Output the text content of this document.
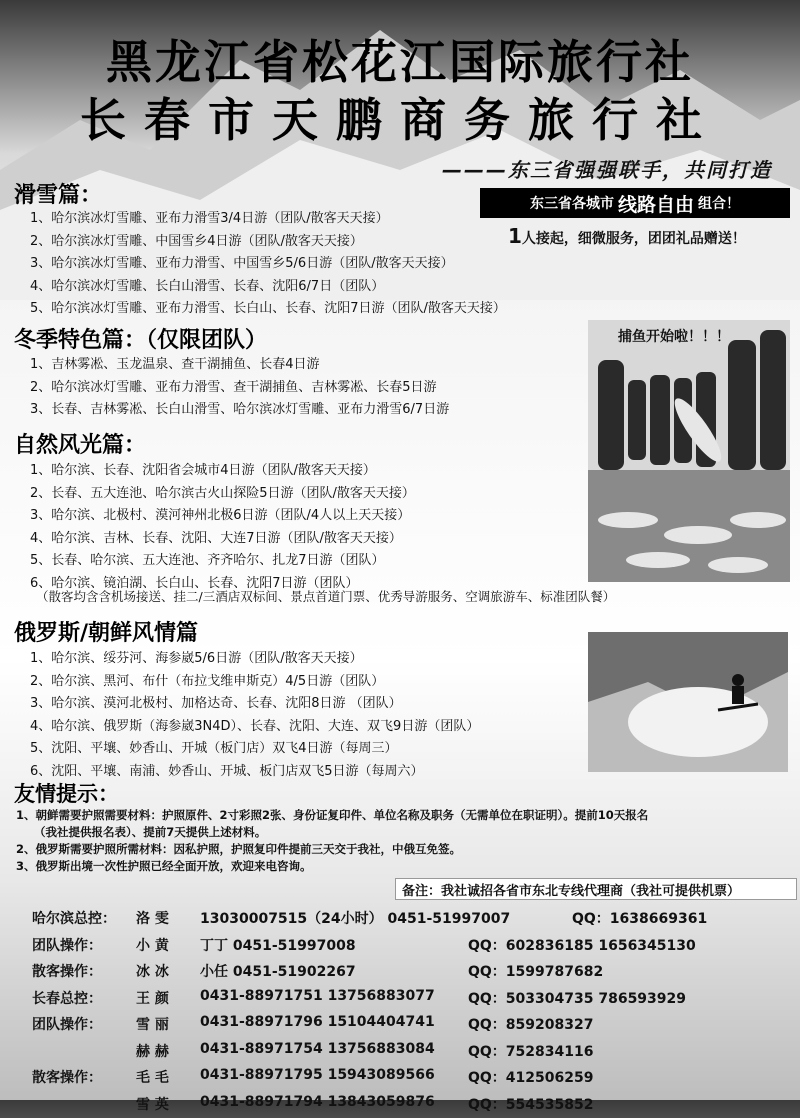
黑龙江省松花江国际旅行社
长春市天鹏商务旅行社
———东三省强强联手，共同打造
滑雪篇：	东三省各城市 线路自由 组合！
1人接起，细微服务，团团礼品赠送！
1、哈尔滨冰灯雪雕、亚布力滑雪3/4日游（团队/散客天天接）
2、哈尔滨冰灯雪雕、中国雪乡4日游（团队/散客天天接）
3、哈尔滨冰灯雪雕、亚布力滑雪、中国雪乡5/6日游（团队/散客天天接）
4、哈尔滨冰灯雪雕、长白山滑雪、长春、沈阳6/7日（团队）
5、哈尔滨冰灯雪雕、亚布力滑雪、长白山、长春、沈阳7日游（团队/散客天天接）
冬季特色篇：（仅限团队）
1、吉林雾凇、玉龙温泉、查干湖捕鱼、长春4日游
2、哈尔滨冰灯雪雕、亚布力滑雪、查干湖捕鱼、吉林雾凇、长春5日游
3、长春、吉林雾凇、长白山滑雪、哈尔滨冰灯雪雕、亚布力滑雪6/7日游
捕鱼开始啦！！！
自然风光篇：
1、哈尔滨、长春、沈阳省会城市4日游（团队/散客天天接）
2、长春、五大连池、哈尔滨古火山探险5日游（团队/散客天天接）
3、哈尔滨、北极村、漠河神州北极6日游（团队/4人以上天天接）
4、哈尔滨、吉林、长春、沈阳、大连7日游（团队/散客天天接）
5、长春、哈尔滨、五大连池、齐齐哈尔、扎龙7日游（团队）
6、哈尔滨、镜泊湖、长白山、长春、沈阳7日游（团队）
（散客均含含机场接送、挂二/三酒店双标间、景点首道门票、优秀导游服务、空调旅游车、标准团队餐）
俄罗斯/朝鲜风情篇
1、哈尔滨、绥芬河、海参崴5/6日游（团队/散客天天接）
2、哈尔滨、黑河、布什（布拉戈维申斯克）4/5日游（团队）
3、哈尔滨、漠河北极村、加格达奇、长春、沈阳8日游 （团队）
4、哈尔滨、俄罗斯（海参崴3N4D）、长春、沈阳、大连、双飞9日游（团队）
5、沈阳、平壤、妙香山、开城（板门店）双飞4日游（每周三）
6、沈阳、平壤、南浦、妙香山、开城、板门店双飞5日游（每周六）
友情提示：
1、朝鲜需要护照需要材料：护照原件、2寸彩照2张、身份证复印件、单位名称及职务（无需单位在职证明）。提前10天报名
（我社提供报名表）、提前7天提供上述材料。
2、俄罗斯需要护照所需材料：因私护照，护照复印件提前三天交于我社，中俄互免签。
3、俄罗斯出境一次性护照已经全面开放，欢迎来电咨询。
备注：我社诚招各省市东北专线代理商（我社可提供机票）
哈尔滨总控： 洛 雯 13030007515（24小时） 0451-51997007	QQ：1638669361
团队操作： 小 黄 丁丁 0451-51997008	QQ：602836185 1656345130
散客操作： 冰 冰 小任 0451-51902267	QQ：1599787682
长春总控： 王 颜 0431-88971751 13756883077 QQ：503304735 786593929
团队操作： 雪 丽 0431-88971796 15104404741 QQ：859208327
赫 赫 0431-88971754 13756883084 QQ：752834116
散客操作： 毛 毛 0431-88971795 15943089566 QQ：412506259
雪 英 0431-88971794 13843059876 QQ：554535852
